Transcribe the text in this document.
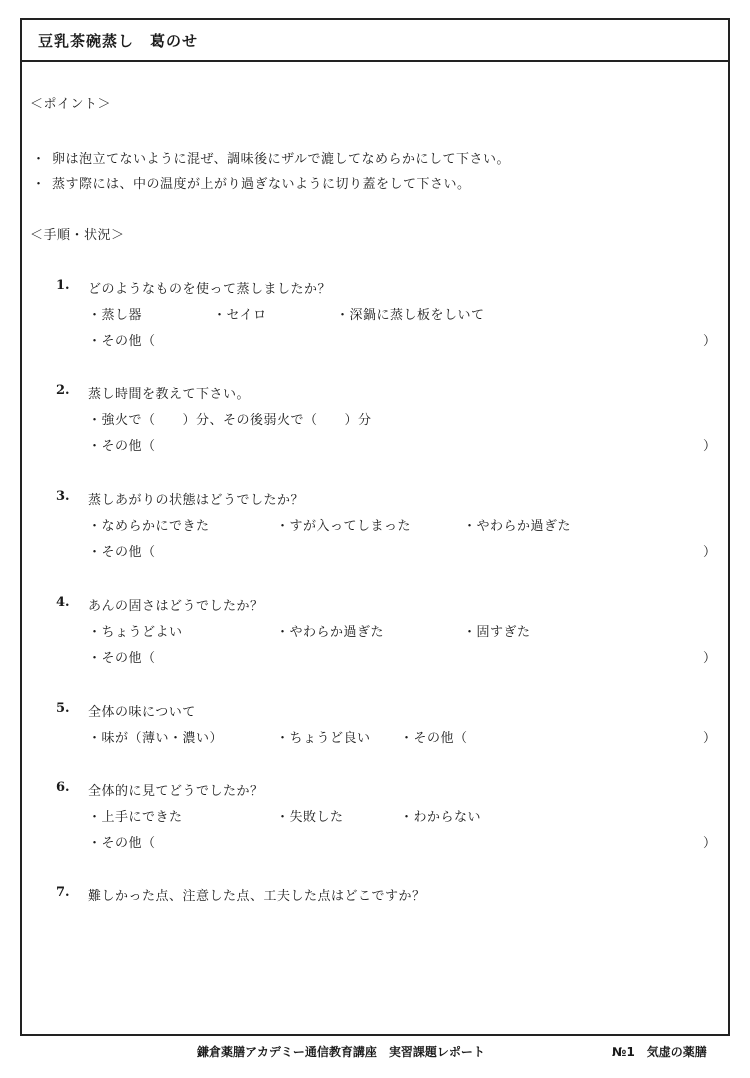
豆乳茶碗蒸し　葛のせ
＜ポイント＞
・ 卵は泡立てないように混ぜ、調味後にザルで漉してなめらかにして下さい。
・ 蒸す際には、中の温度が上がり過ぎないように切り蓋をして下さい。
＜手順・状況＞
1. どのようなものを使って蒸しましたか？
・蒸し器	・セイロ	・深鍋に蒸し板をしいて
・その他（	）
2. 蒸し時間を教えて下さい。
・強火で（　　）分、その後弱火で（　　）分
・その他（	）
3. 蒸しあがりの状態はどうでしたか？
・なめらかにできた	・すが入ってしまった	・やわらか過ぎた
・その他（	）
4. あんの固さはどうでしたか？
・ちょうどよい	・やわらか過ぎた	・固すぎた
・その他（	）
5. 全体の味について
・味が（薄い・濃い）	・ちょうど良い ・その他（	）
6. 全体的に見てどうでしたか？
・上手にできた	・失敗した	・わからない
・その他（	）
7. 難しかった点、注意した点、工夫した点はどこですか？
鎌倉薬膳アカデミー通信教育講座　実習課題レポート	№1　気虚の薬膳
